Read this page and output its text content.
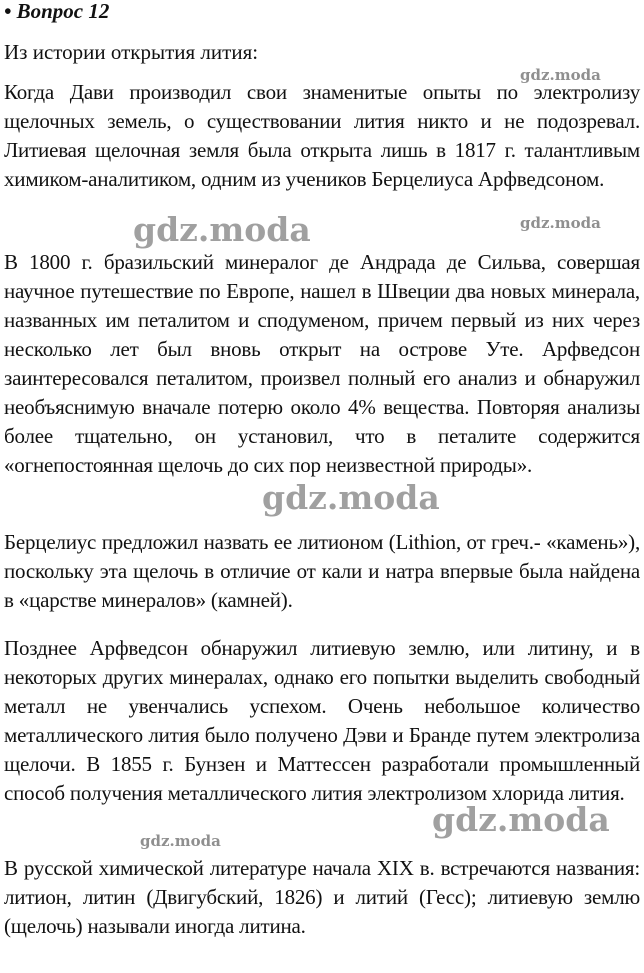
• Вопрос 12

Из истории открытия лития:

Когда Дави производил свои знаменитые опыты по электролизу щелочных земель, о существовании лития никто и не подозревал. Литиевая щелочная земля была открыта лишь в 1817 г. талантливым химиком-аналитиком, одним из учеников Берцелиуса Арфведсоном.

В 1800 г. бразильский минералог де Андрада де Сильва, совершая научное путешествие по Европе, нашел в Швеции два новых минерала, названных им петалитом и сподуменом, причем первый из них через несколько лет был вновь открыт на острове Уте. Арфведсон заинтересовался петалитом, произвел полный его анализ и обнаружил необъяснимую вначале потерю около 4% вещества. Повторяя анализы более тщательно, он установил, что в петалите содержится «огнепостоянная щелочь до сих пор неизвестной природы».

Берцелиус предложил назвать ее литионом (Lithion, от греч.- «камень»), поскольку эта щелочь в отличие от кали и натра впервые была найдена в «царстве минералов» (камней).

Позднее Арфведсон обнаружил литиевую землю, или литину, и в некоторых других минералах, однако его попытки выделить свободный металл не увенчались успехом. Очень небольшое количество металлического лития было получено Дэви и Бранде путем электролиза щелочи. В 1855 г. Бунзен и Маттессен разработали промышленный способ получения металлического лития электролизом хлорида лития.

В русской химической литературе начала XIX в. встречаются названия: литион, литин (Двигубский, 1826) и литий (Гесс); литиевую землю (щелочь) называли иногда литина.

gdz.moda
gdz.moda	gdz.moda
gdz.moda
gdz.moda
gdz.moda
